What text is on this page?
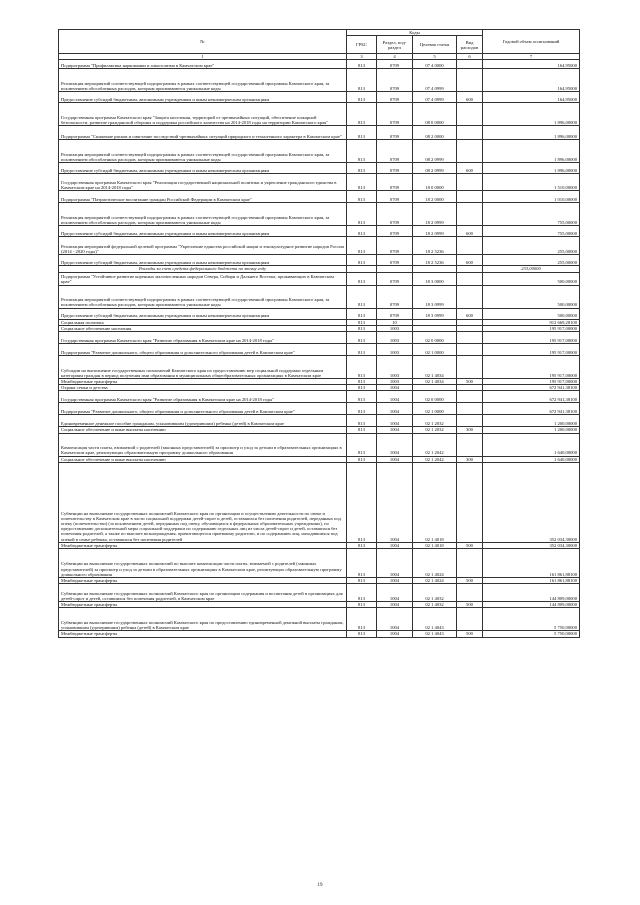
№	Коды				Годовой объем ассигнований
	ГРБС	Раздел, под-раздел	Целевая статья	Вид расходов	
1	3	4	5	6	7
Подпрограмма "Профилактика наркомании и алкоголизма в Камчатском крае"	813	0709	07 4 0000		164,95000
Реализация мероприятий соответствующей подпрограммы в рамках соответствующей государственной программы Камчатского края, за исключением обособленных расходов, которым присваиваются уникальные коды	813	0709	07 4 0999		164,95000
Предоставление субсидий бюджетным, автономным учреждениям и иным некоммерческим организациям	813	0709	07 4 0999	600	164,95000
Государственная программа Камчатского края "Защита населения, территорий от чрезвычайных ситуаций, обеспечение пожарной безопасности, развитие гражданской обороны и поддержка российского казачества на 2014-2018 годы на территории Камчатского края"	813	0709	08 0 0000		1 896,00000
Подпрограмма "Снижение рисков и смягчение последствий чрезвычайных ситуаций природного и техногенного характера в Камчатском крае"	813	0709	08 2 0000		1 896,00000
Реализация мероприятий соответствующей подпрограммы в рамках соответствующей государственной программы Камчатского края, за исключением обособленных расходов, которым присваиваются уникальные коды	813	0709	08 2 0999		1 896,00000
Предоставление субсидий бюджетным, автономным учреждениям и иным некоммерческим организациям	813	0709	08 2 0999	600	1 896,00000
Государственная программа Камчатского края "Реализация государственной национальной политики и укрепление гражданского единства в Камчатском крае на 2014-2018 годы"	813	0709	18 0 0000		1 510,00000
Подпрограмма "Патриотическое воспитание граждан Российской Федерации в Камчатском крае"	813	0709	18 2 0000		1 010,00000
Реализация мероприятий соответствующей подпрограммы в рамках соответствующей государственной программы Камчатского края, за исключением обособленных расходов, которым присваиваются уникальные коды	813	0709	18 2 0999		755,00000
Предоставление субсидий бюджетным, автономным учреждениям и иным некоммерческим организациям	813	0709	18 2 0999	600	755,00000
Реализация мероприятий федеральной целевой программы "Укрепление единства российской нации и этнокультурное развитие народов России (2014 - 2020 годы)"	813	0709	18 2 5236		255,00000
Предоставление субсидий бюджетным, автономным учреждениям и иным некоммерческим организациям	813	0709	18 2 5236	600	255,00000
Расходы за счет средств федерального бюджета по этому году					233,00000
Подпрограмма "Устойчивое развитие коренных малочисленных народов Севера, Сибири и Дальнего Востока, проживающих в Камчатском крае"	813	0709	18 3 0000		500,00000
Реализация мероприятий соответствующей подпрограммы в рамках соответствующей государственной программы Камчатского края, за исключением обособленных расходов, которым присваиваются уникальные коды	813	0709	18 3 0999		500,00000
Предоставление субсидий бюджетным, автономным учреждениям и иным некоммерческим организациям	813	0709	18 3 0999	600	500,00000
Социальная политика	813	10			912 669,28100
Социальное обеспечение населения	813	1003			195 917,00000
Государственная программа Камчатского края "Развитие образования в Камчатском крае на 2014-2018 годы"	813	1003	02 0 0000		195 917,00000
Подпрограмма "Развитие дошкольного, общего образования и дополнительного образования детей в Камчатском крае"	813	1003	02 1 0000		195 917,00000
Субсидии на выполнение государственных полномочий Камчатского края по предоставлению мер социальной поддержки отдельным категориям граждан в период получения ими образования в муниципальных общеобразовательных организациях в Камчатском крае	813	1003	02 1 4034		195 917,00000
Межбюджетные трансферты	813	1003	02 1 4034	500	195 917,00000
Охрана семьи и детства	813	1004			672 941,38100
Государственная программа Камчатского края "Развитие образования в Камчатском крае на 2014-2018 годы"	813	1004	02 0 0000		672 941,38100
Подпрограмма "Развитие дошкольного, общего образования и дополнительного образования детей в Камчатском крае"	813	1004	02 1 0000		672 941,38100
Единовременное денежное пособие гражданам, усыновившим (удочерившим) ребенка (детей) в Камчатском крае	813	1004	02 1 2032		1 200,00000
Социальное обеспечение и иные выплаты населению	813	1004	02 1 2032	300	1 200,00000
Компенсация части платы, взимаемой с родителей (законных представителей) за присмотр и уход за детьми в образовательных организациях в Камчатском крае, реализующих образовательную программу дошкольного образования	813	1004	02 1 2042		1 640,00000
Социальное обеспечение и иные выплаты населению	813	1004	02 1 2042	300	1 640,00000
Субвенции на выполнение государственных полномочий Камчатского края по организации и осуществлению деятельности по опеке и попечительству в Камчатском крае в части социальной поддержки детей-сирот и детей, оставшихся без попечения родителей, переданных под опеку (попечительство) (за исключением детей, переданных под опеку, обучающихся в федеральных образовательных учреждениях), по предоставлению дополнительной меры социальной поддержки по содержанию отдельных лиц из числа детей-сирот и детей, оставшихся без попечения родителей, а также по выплате вознаграждения, причитающегося приемному родителю, и по содержанию лиц, находившихся под опекой в семье ребенка, оставшихся без попечения родителей	813	1004	02 1 4018		352 034,30000
Межбюджетные трансферты	813	1004	02 1 4018	500	352 034,30000
Субвенции на выполнение государственных полномочий по выплате компенсации части платы, взимаемой с родителей (законных представителей) за присмотр и уход за детьми в образовательных организациях в Камчатском крае, реализующих образовательную программу дошкольного образования	813	1004	02 1 4024		161 861,88100
Межбюджетные трансферты	813	1004	02 1 4024	500	161 861,88100
Субвенции на выполнение государственных полномочий Камчатского края по организации содержания и воспитания детей в организациях для детей-сирот и детей, оставшихся без попечения родителей, в Камчатском крае	813	1004	02 1 4032		144 809,00000
Межбюджетные трансферты	813	1004	02 1 4032	500	144 809,00000
Субвенции на выполнение государственных полномочий Камчатского края по предоставлению единовременной денежной выплаты гражданам, усыновившим (удочерившим) ребенка (детей) в Камчатском крае	813	1004	02 1 4043		5 750,00000
Межбюджетные трансферты	813	1004	02 1 4043	500	5 750,00000
19
